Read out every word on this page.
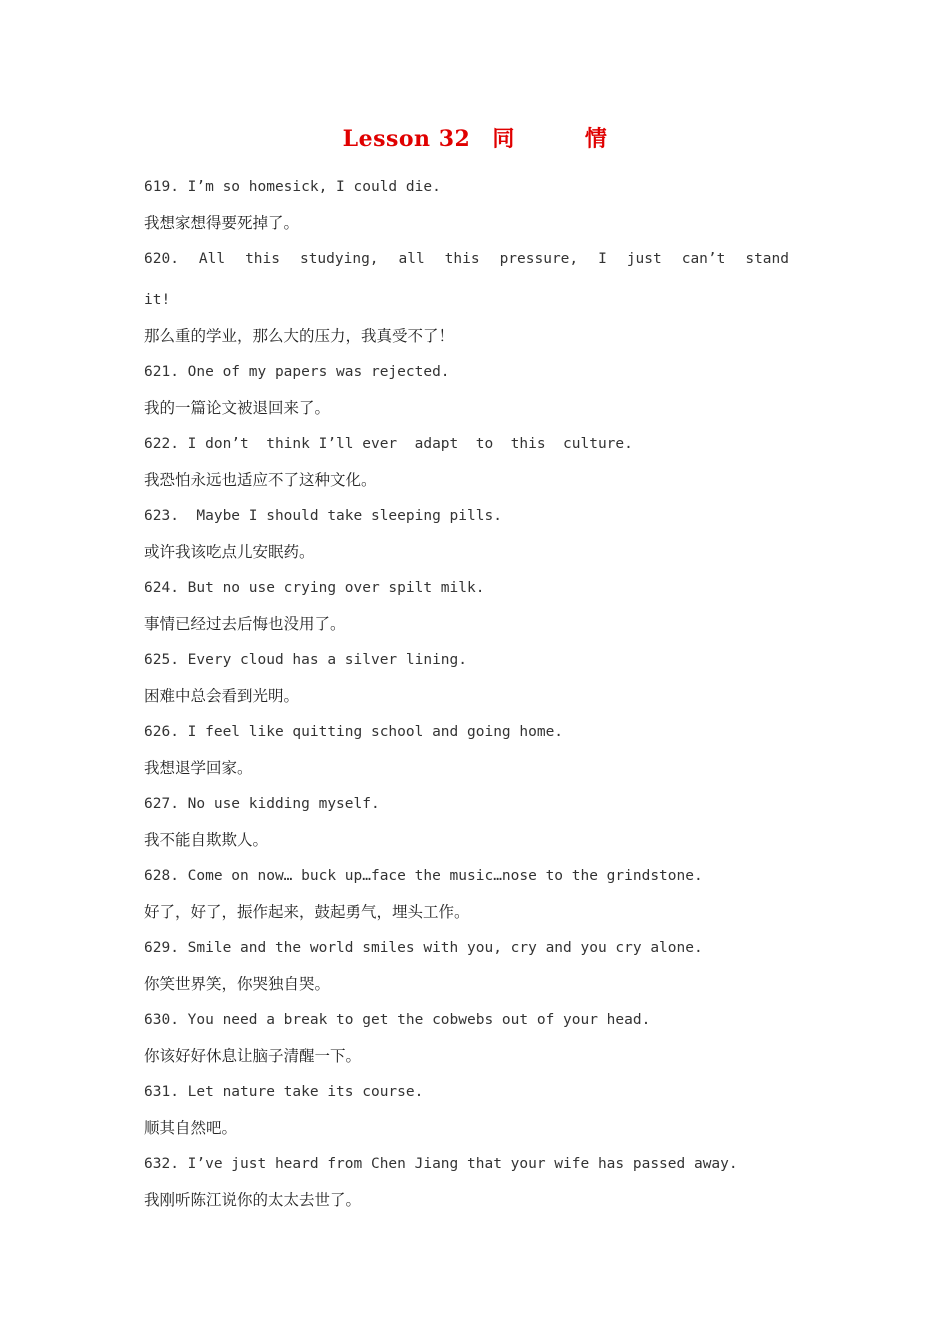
Lesson 32 同	情
619. I’m so homesick, I could die.
我想家想得要死掉了。
620. All this studying, all this pressure, I just can’t stand
it!
那么重的学业，那么大的压力，我真受不了！
621. One of my papers was rejected.
我的一篇论文被退回来了。
622. I don’t  think I’ll ever  adapt  to  this  culture.
我恐怕永远也适应不了这种文化。
623.  Maybe I should take sleeping pills.
或许我该吃点儿安眠药。
624. But no use crying over spilt milk.
事情已经过去后悔也没用了。
625. Every cloud has a silver lining.
困难中总会看到光明。
626. I feel like quitting school and going home.
我想退学回家。
627. No use kidding myself.
我不能自欺欺人。
628. Come on now… buck up…face the music…nose to the grindstone.
好了，好了，振作起来，鼓起勇气，埋头工作。
629. Smile and the world smiles with you, cry and you cry alone.
你笑世界笑，你哭独自哭。
630. You need a break to get the cobwebs out of your head.
你该好好休息让脑子清醒一下。
631. Let nature take its course.
顺其自然吧。
632. I’ve just heard from Chen Jiang that your wife has passed away.
我刚听陈江说你的太太去世了。
